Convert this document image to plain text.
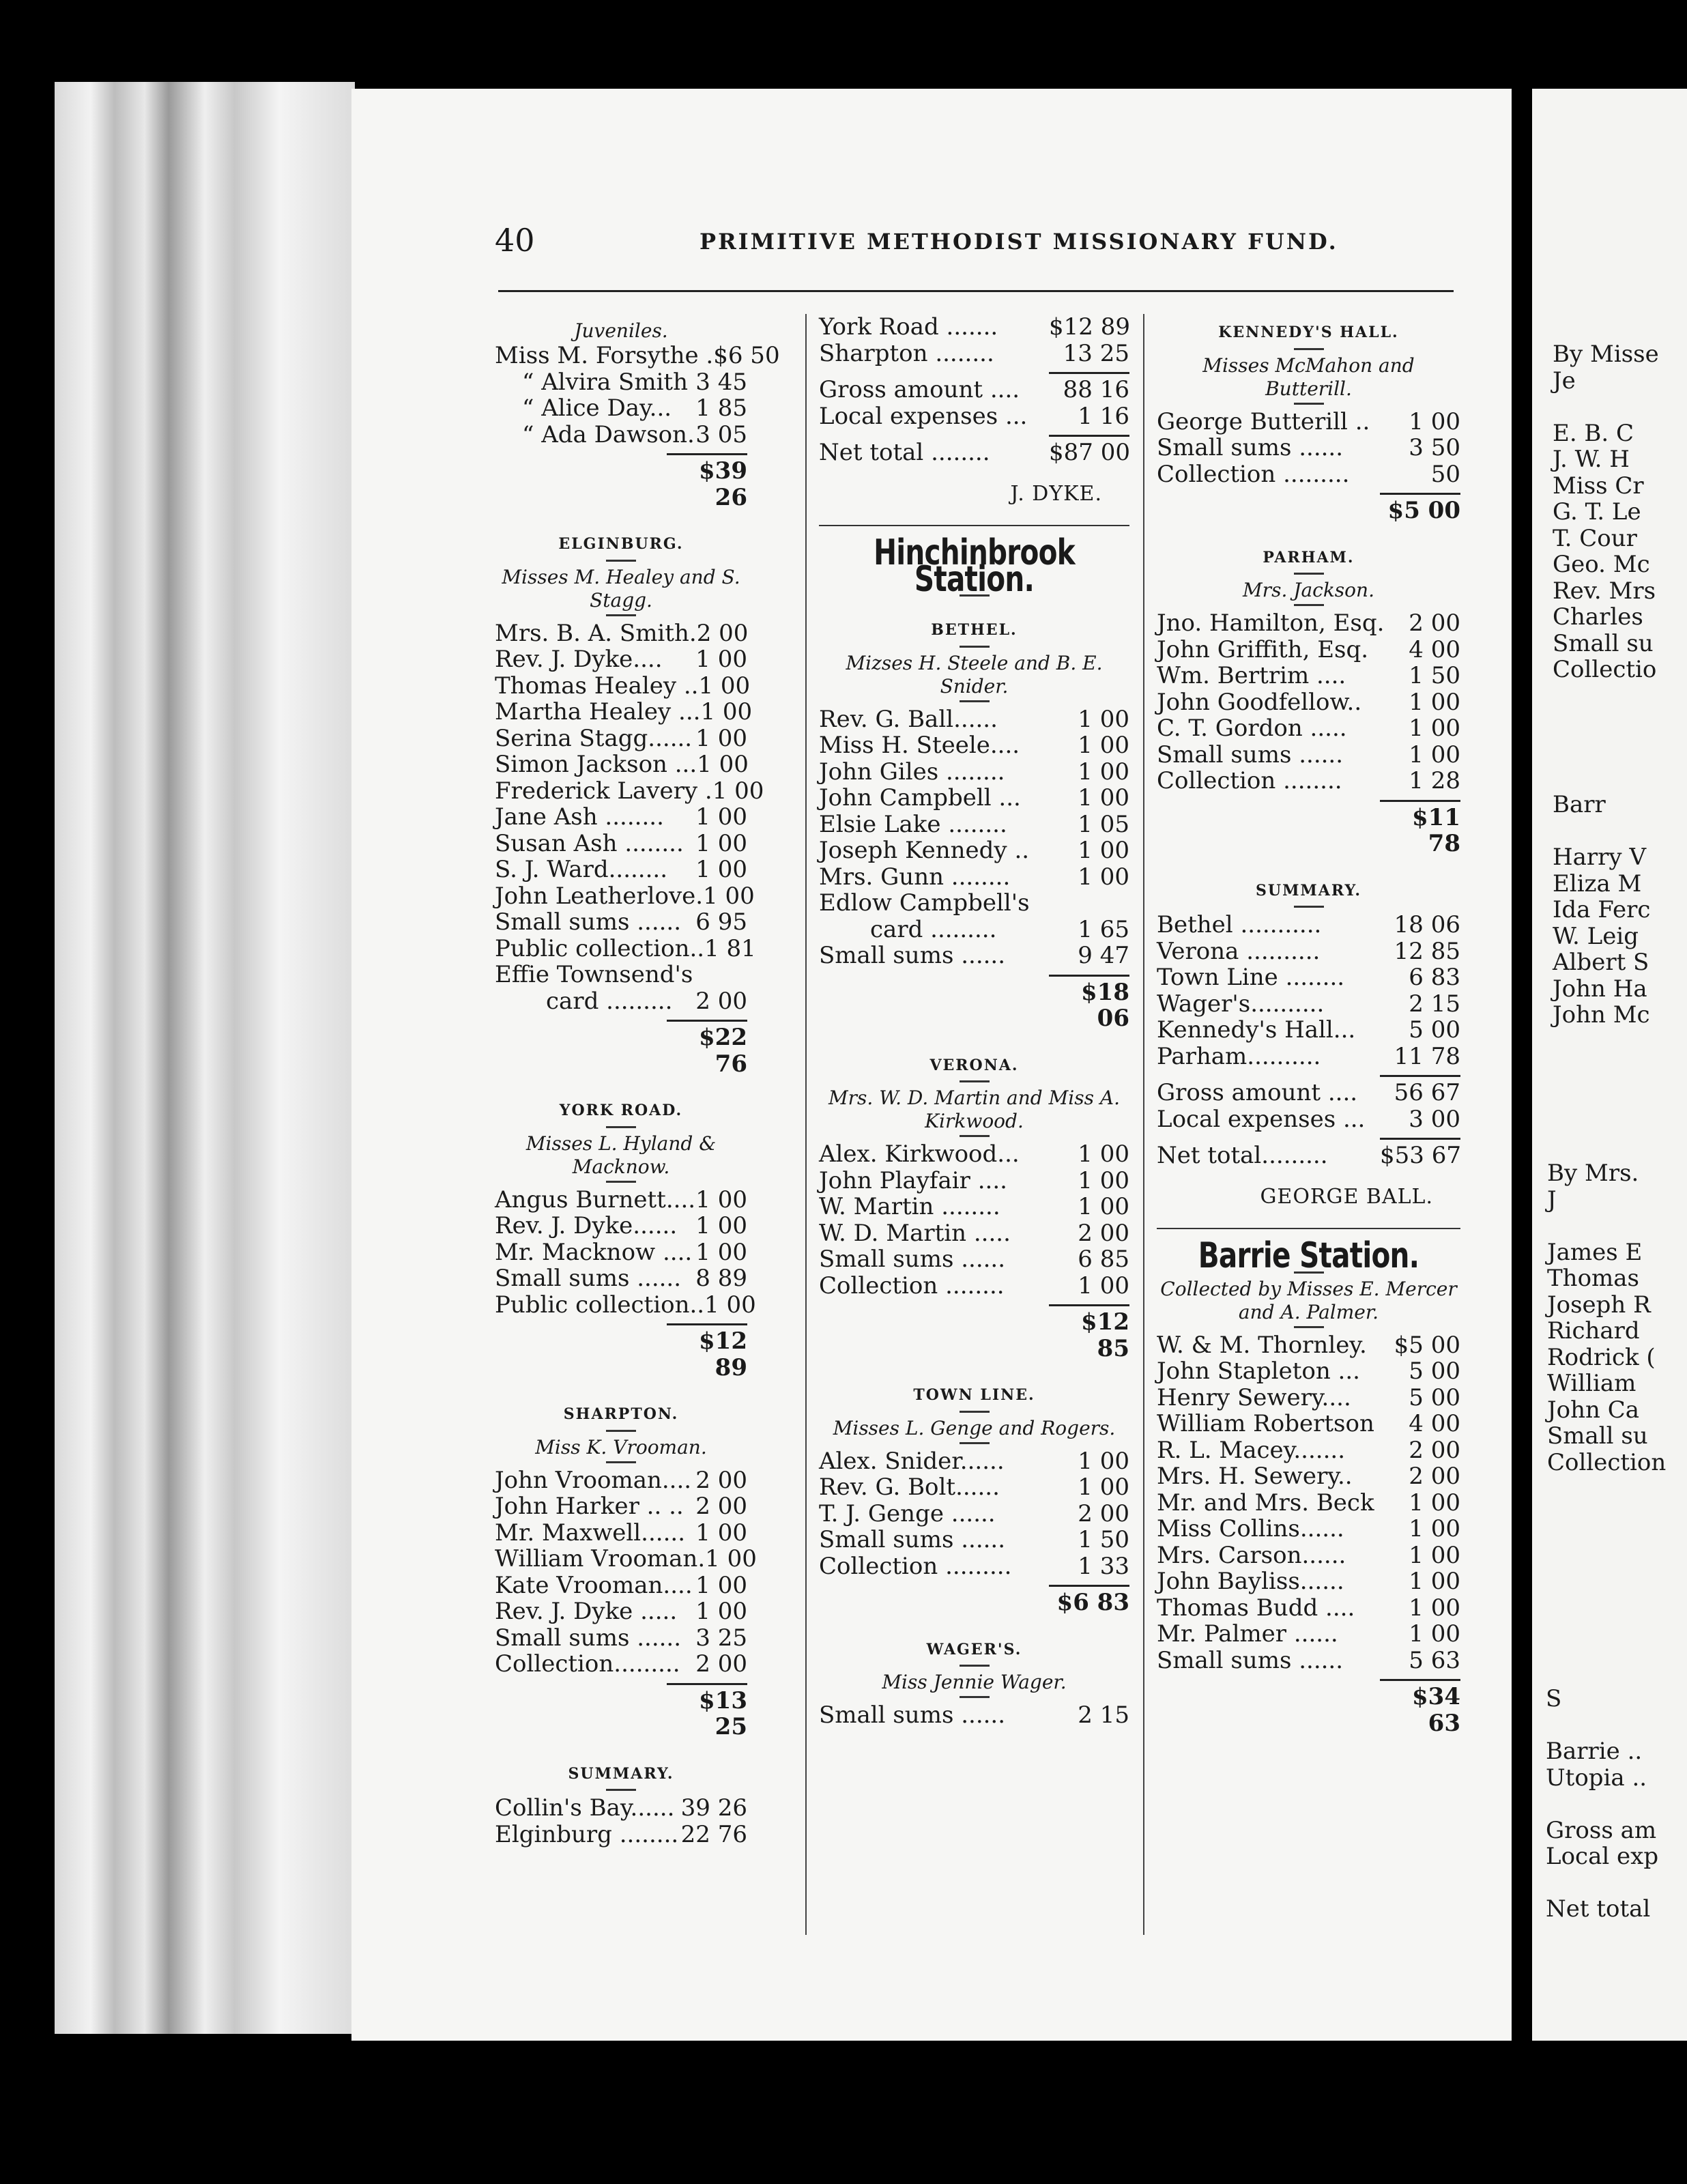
40	PRIMITIVE METHODIST MISSIONARY FUND.
Juveniles.
Miss M. Forsythe . $6 50
“ Alvira Smith 3 45
“ Alice Day...	1 85
“ Ada Dawson. 3 05
$39 26
ELGINBURG.
Misses M. Healey and S. Stagg.
Mrs. B. A. Smith. 2 00
Rev. J. Dyke....	1 00
Thomas Healey .. 1 00
Martha Healey ... 1 00
Serina Stagg...... 1 00
Simon Jackson ... 1 00
Frederick Lavery . 1 00
Jane Ash ........	1 00
Susan Ash ........ 1 00
S. J. Ward........	1 00
John Leatherlove. 1 00
Small sums ...... 6 95
Public collection.. 1 81
Effie Townsend's
card ......... 2 00
$22 76
YORK ROAD.
Misses L. Hyland & Macknow.
Angus Burnett.... 1 00
Rev. J. Dyke...... 1 00
Mr. Macknow .... 1 00
Small sums ...... 8 89
Public collection.. 1 00
$12 89
SHARPTON.
Miss K. Vrooman.
John Vrooman.... 2 00
John Harker .. .. 2 00
Mr. Maxwell...... 1 00
William Vrooman. 1 00
Kate Vrooman.... 1 00
Rev. J. Dyke ..... 1 00
Small sums ...... 3 25
Collection......... 2 00
$13 25
SUMMARY.
Collin's Bay...... 39 26
Elginburg ........ 22 76
York Road .......	$12 89
Sharpton ........	13 25
Gross amount ....	88 16
Local expenses ...	1 16
Net total ........	$87 00
J. DYKE.
Hinchinbrook Station.
BETHEL.
Mizses H. Steele and B. E. Snider.
Rev. G. Ball......	1 00
Miss H. Steele....	1 00
John Giles ........	1 00
John Campbell ...	1 00
Elsie Lake ........	1 05
Joseph Kennedy ..	1 00
Mrs. Gunn ........	1 00
Edlow Campbell's
card .........	1 65
Small sums ......	9 47
$18 06
VERONA.
Mrs. W. D. Martin and Miss A. Kirkwood.
Alex. Kirkwood...	1 00
John Playfair ....	1 00
W. Martin ........	1 00
W. D. Martin .....	2 00
Small sums ......	6 85
Collection ........	1 00
$12 85
TOWN LINE.
Misses L. Genge and Rogers.
Alex. Snider......	1 00
Rev. G. Bolt......	1 00
T. J. Genge ......	2 00
Small sums ......	1 50
Collection .........	1 33
$6 83
WAGER'S.
Miss Jennie Wager.
Small sums ......	2 15
KENNEDY'S HALL.
Misses McMahon and Butterill.
George Butterill ..	1 00
Small sums ......	3 50
Collection .........	50
$5 00
PARHAM.
Mrs. Jackson.
Jno. Hamilton, Esq.	2 00
John Griffith, Esq.	4 00
Wm. Bertrim ....	1 50
John Goodfellow..	1 00
C. T. Gordon .....	1 00
Small sums ......	1 00
Collection ........	1 28
$11 78
SUMMARY.
Bethel ...........	18 06
Verona ..........	12 85
Town Line ........	6 83
Wager's..........	2 15
Kennedy's Hall...	5 00
Parham..........	11 78
Gross amount ....	56 67
Local expenses ...	3 00
Net total.........	$53 67
GEORGE BALL.
Barrie Station.
Collected by Misses E. Mercer and A. Palmer.
W. & M. Thornley.	$5 00
John Stapleton ...	5 00
Henry Sewery....	5 00
William Robertson	4 00
R. L. Macey.......	2 00
Mrs. H. Sewery..	2 00
Mr. and Mrs. Beck	1 00
Miss Collins......	1 00
Mrs. Carson......	1 00
John Bayliss......	1 00
Thomas Budd ....	1 00
Mr. Palmer ......	1 00
Small sums ......	5 63
$34 63
By Misse
Je
E. B. C
J. W. H
Miss Cr
G. T. Le
T. Cour
Geo. Mc
Rev. Mrs
Charles
Small su
Collectio
Barr
Harry V
Eliza M
Ida Ferc
W. Leig
Albert S
John Ha
John Mc
By Mrs.
J
James E
Thomas
Joseph R
Richard
Rodrick (
William
John Ca
Small su
Collection
S
Barrie ..
Utopia ..
Gross am
Local exp
Net total
